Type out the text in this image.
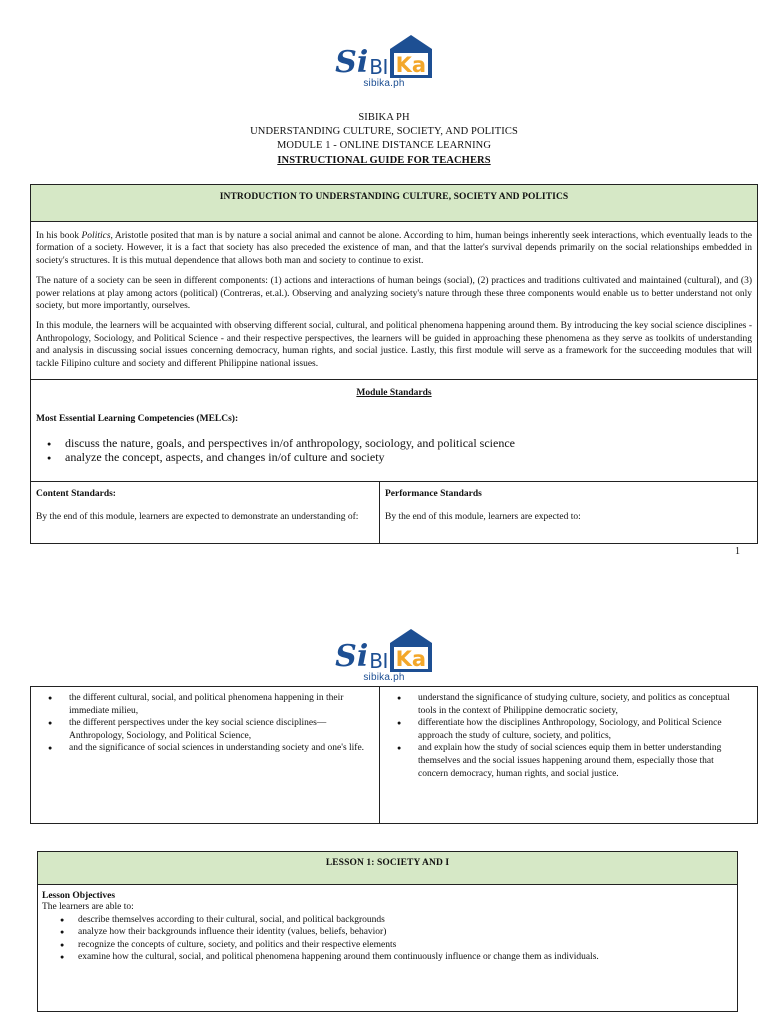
Si BI Ka
sibika.ph
SIBIKA PH
UNDERSTANDING CULTURE, SOCIETY, AND POLITICS
MODULE 1 - ONLINE DISTANCE LEARNING
INSTRUCTIONAL GUIDE FOR TEACHERS
INTRODUCTION TO UNDERSTANDING CULTURE, SOCIETY AND POLITICS

In his book Politics, Aristotle posited that man is by nature a social animal and cannot be alone. According to him, human beings inherently seek interactions, which eventually leads to the formation of a society. However, it is a fact that society has also preceded the existence of man, and that the latter's survival depends primarily on the social relationships embedded in society's structures. It is this mutual dependence that allows both man and society to continue to exist.

The nature of a society can be seen in different components: (1) actions and interactions of human beings (social), (2) practices and traditions cultivated and maintained (cultural), and (3) power relations at play among actors (political) (Contreras, et.al.). Observing and analyzing society's nature through these three components would enable us to better understand not only society, but more importantly, ourselves.

In this module, the learners will be acquainted with observing different social, cultural, and political phenomena happening around them. By introducing the key social science disciplines - Anthropology, Sociology, and Political Science - and their respective perspectives, the learners will be guided in approaching these phenomena as they serve as toolkits of understanding and analysis in discussing social issues concerning democracy, human rights, and social justice. Lastly, this first module will serve as a framework for the succeeding modules that will tackle Filipino culture and society and different Philippine national issues.

Module Standards
Most Essential Learning Competencies (MELCs):
● discuss the nature, goals, and perspectives in/of anthropology, sociology, and political science
● analyze the concept, aspects, and changes in/of culture and society
Content Standards:

By the end of this module, learners are expected to demonstrate an understanding of:

Performance Standards

By the end of this module, learners are expected to:

1
Si BI Ka
sibika.ph
● the different cultural, social, and political phenomena happening in their immediate milieu,
● the different perspectives under the key social science disciplines—Anthropology, Sociology, and Political Science,
● and the significance of social sciences in understanding society and one's life.
● understand the significance of studying culture, society, and politics as conceptual tools in the context of Philippine democratic society,
● differentiate how the disciplines Anthropology, Sociology, and Political Science approach the study of culture, society, and politics,
● and explain how the study of social sciences equip them in better understanding themselves and the social issues happening around them, especially those that concern democracy, human rights, and social justice.
LESSON 1: SOCIETY AND I
Lesson Objectives
The learners are able to:
● describe themselves according to their cultural, social, and political backgrounds
● analyze how their backgrounds influence their identity (values, beliefs, behavior)
● recognize the concepts of culture, society, and politics and their respective elements
● examine how the cultural, social, and political phenomena happening around them continuously influence or change them as individuals.
